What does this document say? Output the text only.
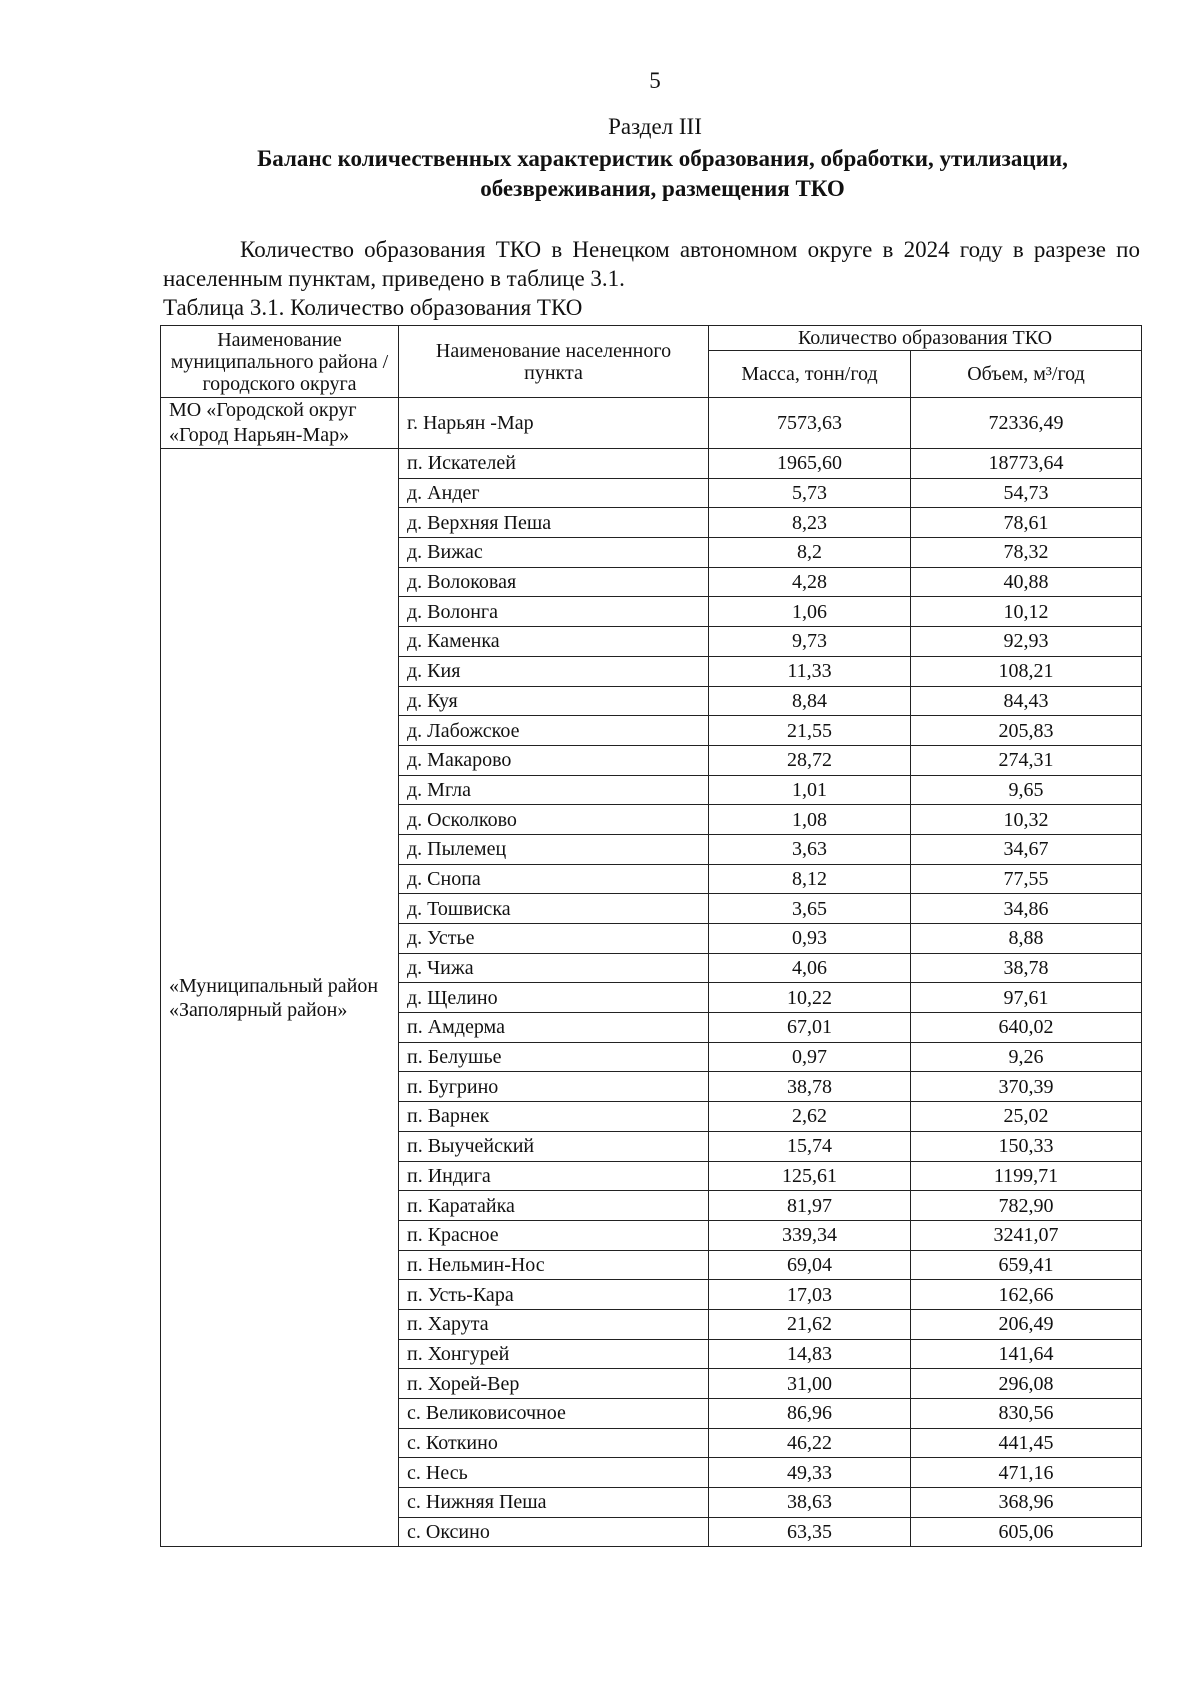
5
Раздел III
Баланс количественных характеристик образования, обработки, утилизации,
обезвреживания, размещения ТКО
Количество образования ТКО в Ненецком автономном округе в 2024 году в разрезе по населенным пунктам, приведено в таблице 3.1.
Таблица 3.1. Количество образования ТКО
Наименование муниципального района / городского округа	Наименование населенного пункта	Количество образования ТКО	
		Масса, тонн/год	Объем, м³/год
МО «Городской округ «Город Нарьян-Мар»	г. Нарьян -Мар	7573,63	72336,49
«Муниципальный район «Заполярный район»	п. Искателей	1965,60	18773,64
	д. Андег	5,73	54,73
	д. Верхняя Пеша	8,23	78,61
	д. Вижас	8,2	78,32
	д. Волоковая	4,28	40,88
	д. Волонга	1,06	10,12
	д. Каменка	9,73	92,93
	д. Кия	11,33	108,21
	д. Куя	8,84	84,43
	д. Лабожское	21,55	205,83
	д. Макарово	28,72	274,31
	д. Мгла	1,01	9,65
	д. Осколково	1,08	10,32
	д. Пылемец	3,63	34,67
	д. Снопа	8,12	77,55
	д. Тошвиска	3,65	34,86
	д. Устье	0,93	8,88
	д. Чижа	4,06	38,78
	д. Щелино	10,22	97,61
	п. Амдерма	67,01	640,02
	п. Белушье	0,97	9,26
	п. Бугрино	38,78	370,39
	п. Варнек	2,62	25,02
	п. Выучейский	15,74	150,33
	п. Индига	125,61	1199,71
	п. Каратайка	81,97	782,90
	п. Красное	339,34	3241,07
	п. Нельмин-Нос	69,04	659,41
	п. Усть-Кара	17,03	162,66
	п. Харута	21,62	206,49
	п. Хонгурей	14,83	141,64
	п. Хорей-Вер	31,00	296,08
	с. Великовисочное	86,96	830,56
	с. Коткино	46,22	441,45
	с. Несь	49,33	471,16
	с. Нижняя Пеша	38,63	368,96
	с. Оксино	63,35	605,06
